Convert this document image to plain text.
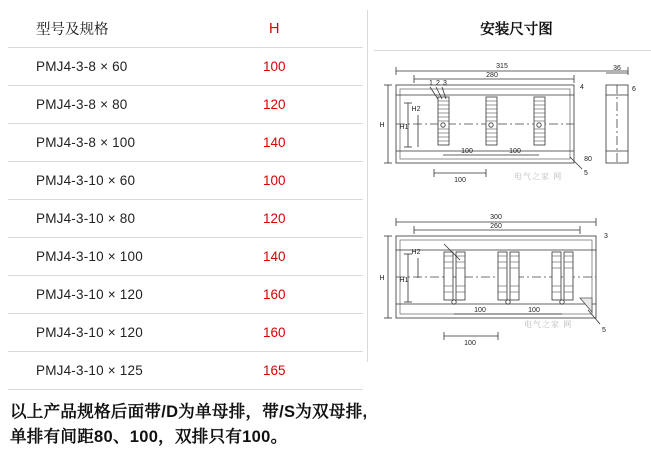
型号及规格	H
PMJ4-3-8 × 60	100
PMJ4-3-8 × 80	120
PMJ4-3-8 × 100	140
PMJ4-3-10 × 60	100
PMJ4-3-10 × 80	120
PMJ4-3-10 × 100	140
PMJ4-3-10 × 120	160
PMJ4-3-10 × 120	160
PMJ4-3-10 × 125	165
安装尺寸图
315
280
36
1 2 3
4	6
5
H H1
H2
100	100
100
80
电气之家 网
300
260
3
H H1
H2
100	100
100
5
电气之家 网
以上产品规格后面带/D为单母排，带/S为双母排,
单排有间距80、100，双排只有100。
